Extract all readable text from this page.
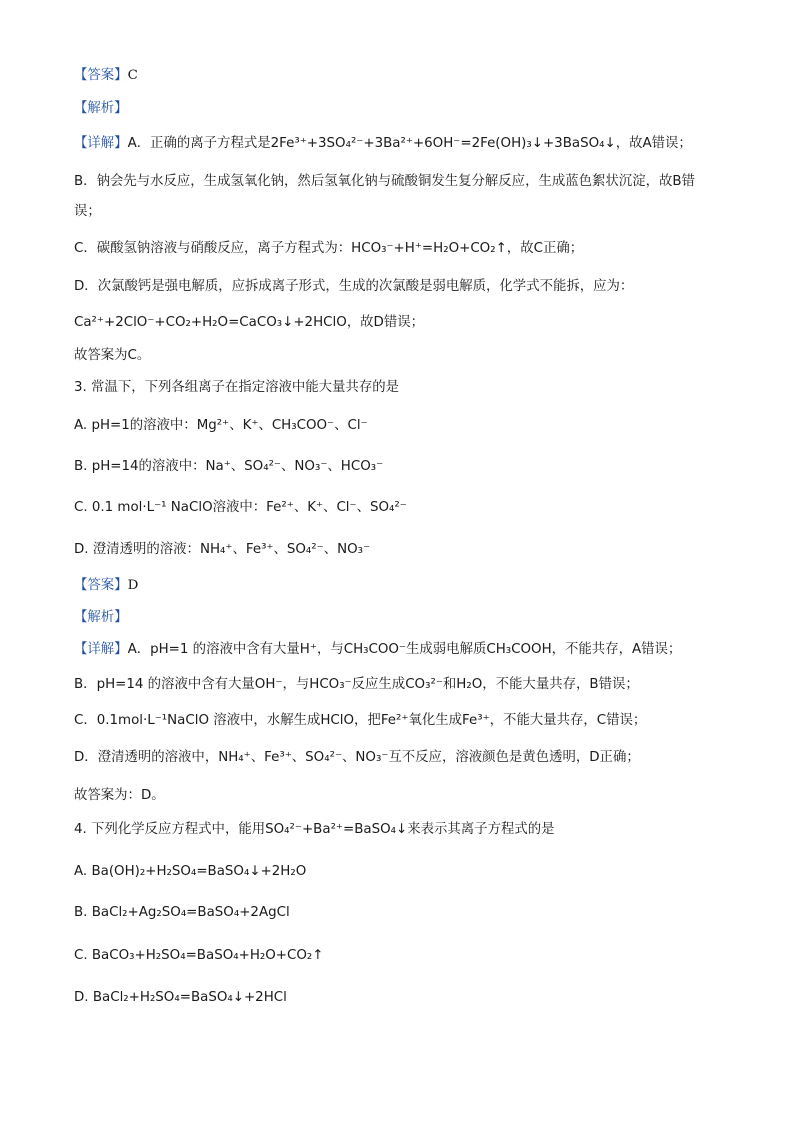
【答案】C
【解析】
【详解】A．正确的离子方程式是2Fe³⁺+3SO₄²⁻+3Ba²⁺+6OH⁻=2Fe(OH)₃↓+3BaSO₄↓，故A错误；
B．钠会先与水反应，生成氢氧化钠，然后氢氧化钠与硫酸铜发生复分解反应，生成蓝色絮状沉淀，故B错
误；
C．碳酸氢钠溶液与硝酸反应，离子方程式为：HCO₃⁻+H⁺=H₂O+CO₂↑，故C正确；
D．次氯酸钙是强电解质，应拆成离子形式，生成的次氯酸是弱电解质，化学式不能拆，应为：
Ca²⁺+2ClO⁻+CO₂+H₂O=CaCO₃↓+2HClO，故D错误；
故答案为C。
3. 常温下，下列各组离子在指定溶液中能大量共存的是
A. pH=1的溶液中：Mg²⁺、K⁺、CH₃COO⁻、Cl⁻
B. pH=14的溶液中：Na⁺、SO₄²⁻、NO₃⁻、HCO₃⁻
C. 0.1 mol·L⁻¹ NaClO溶液中：Fe²⁺、K⁺、Cl⁻、SO₄²⁻
D. 澄清透明的溶液：NH₄⁺、Fe³⁺、SO₄²⁻、NO₃⁻
【答案】D
【解析】
【详解】A．pH=1 的溶液中含有大量H⁺，与CH₃COO⁻生成弱电解质CH₃COOH，不能共存，A错误；
B．pH=14 的溶液中含有大量OH⁻，与HCO₃⁻反应生成CO₃²⁻和H₂O，不能大量共存，B错误；
C．0.1mol·L⁻¹NaClO 溶液中，水解生成HClO，把Fe²⁺氧化生成Fe³⁺，不能大量共存，C错误；
D．澄清透明的溶液中，NH₄⁺、Fe³⁺、SO₄²⁻、NO₃⁻互不反应，溶液颜色是黄色透明，D正确；
故答案为：D。
4. 下列化学反应方程式中，能用SO₄²⁻+Ba²⁺=BaSO₄↓来表示其离子方程式的是
A. Ba(OH)₂+H₂SO₄=BaSO₄↓+2H₂O
B. BaCl₂+Ag₂SO₄=BaSO₄+2AgCl
C. BaCO₃+H₂SO₄=BaSO₄+H₂O+CO₂↑
D. BaCl₂+H₂SO₄=BaSO₄↓+2HCl
